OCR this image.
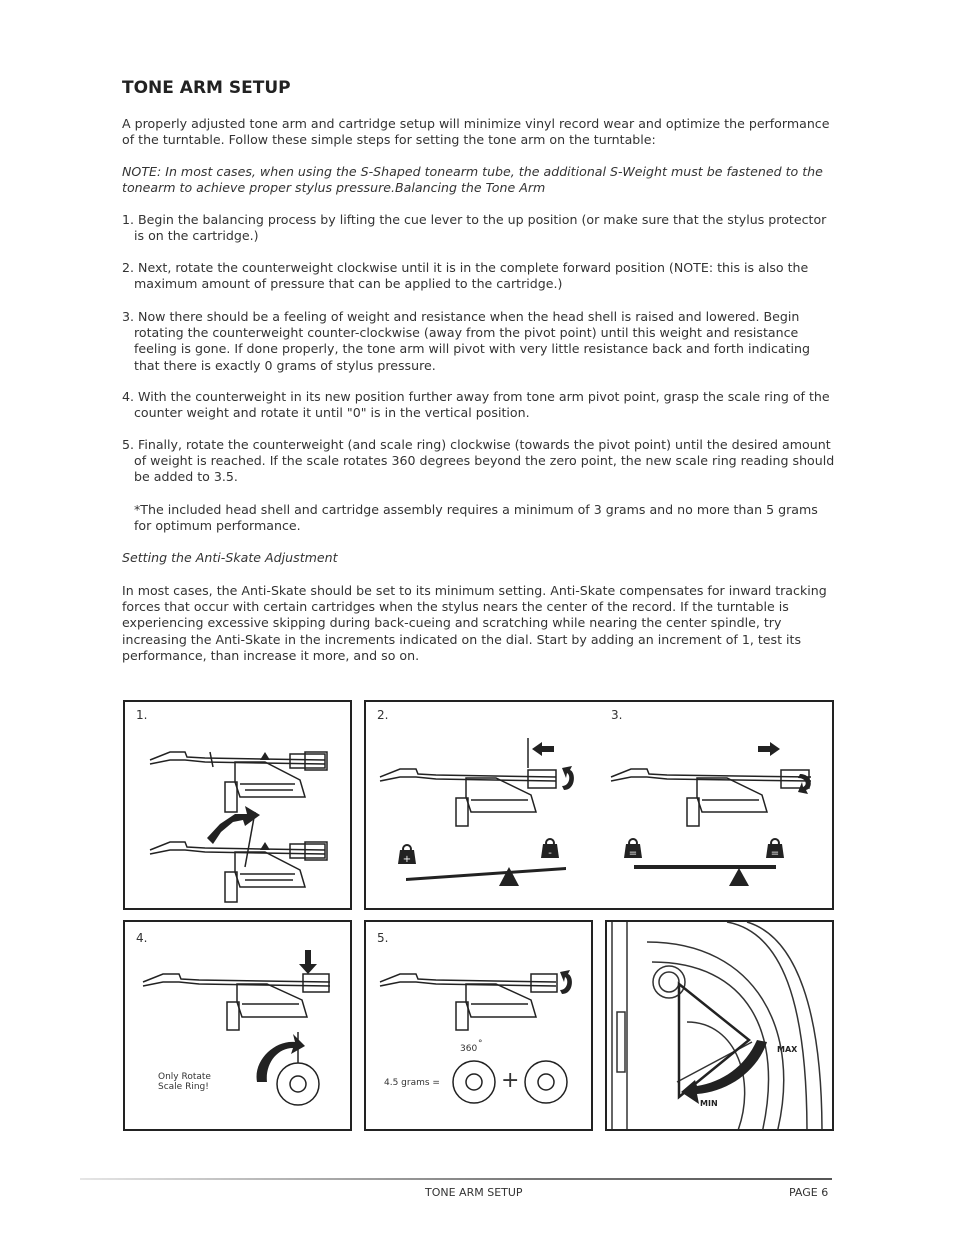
TONE ARM SETUP

A properly adjusted tone arm and cartridge setup will minimize vinyl record wear and optimize the performance of the turntable. Follow these simple steps for setting the tone arm on the turntable:

NOTE: In most cases, when using the S-Shaped tonearm tube, the additional S-Weight must be fastened to the tonearm to achieve proper stylus pressure.Balancing the Tone Arm

1. Begin the balancing process by lifting the cue lever to the up position (or make sure that the stylus protector is on the cartridge.)

2. Next, rotate the counterweight clockwise until it is in the complete forward position (NOTE: this is also the maximum amount of pressure that can be applied to the cartridge.)

3. Now there should be a feeling of weight and resistance when the head shell is raised and lowered. Begin rotating the counterweight counter-clockwise (away from the pivot point) until this weight and resistance feeling is gone. If done properly, the tone arm will pivot with very little resistance back and forth indicating that there is exactly 0 grams of stylus pressure.

4. With the counterweight in its new position further away from tone arm pivot point, grasp the scale ring of the counter weight and rotate it until "0" is in the vertical position.

5. Finally, rotate the counterweight (and scale ring) clockwise (towards the pivot point) until the desired amount of weight is reached. If the scale rotates 360 degrees beyond the zero point, the new scale ring reading should be added to 3.5.

*The included head shell and cartridge assembly requires a minimum of 3 grams and no more than 5 grams for optimum performance.

Setting the Anti-Skate Adjustment

In most cases, the Anti-Skate should be set to its minimum setting. Anti-Skate compensates for inward tracking forces that occur with certain cartridges when the stylus nears the center of the record. If the turntable is experiencing excessive skipping during back-cueing and scratching while nearing the center spindle, try increasing the Anti-Skate in the increments indicated on the dial. Start by adding an increment of 1, test its performance, than increase it more, and so on.

1.	2.	3.
+
-	=	=
4.
Only Rotate
Scale Ring!
5.
360 °
4.5 grams =	+
MAX
MIN
TONE ARM SETUP	PAGE 6
